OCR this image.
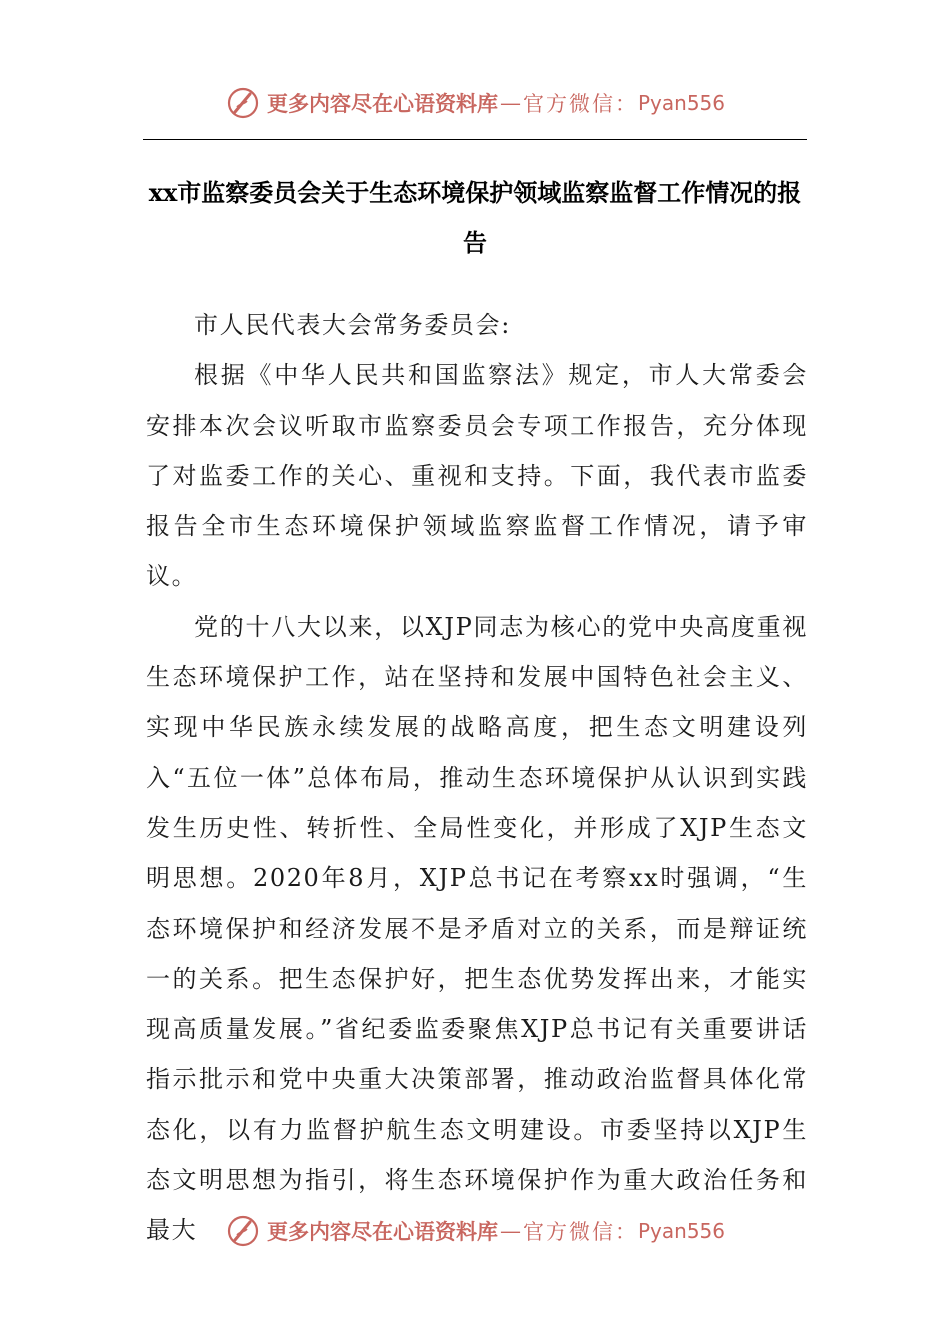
更多内容尽在心语资料库 — 官方微信： Pyan556
xx市监察委员会关于生态环境保护领域监察监督工作情况的报告

市人民代表大会常务委员会:

根据《中华人民共和国监察法》规定，市人大常委会安排本次会议听取市监察委员会专项工作报告，充分体现了对监委工作的关心、重视和支持。下面，我代表市监委报告全市生态环境保护领域监察监督工作情况，请予审议。

党的十八大以来，以XJP同志为核心的党中央高度重视生态环境保护工作，站在坚持和发展中国特色社会主义、实现中华民族永续发展的战略高度，把生态文明建设列入“五位一体”总体布局，推动生态环境保护从认识到实践发生历史性、转折性、全局性变化，并形成了XJP生态文明思想。2020年8月，XJP总书记在考察xx时强调，“生态环境保护和经济发展不是矛盾对立的关系，而是辩证统一的关系。把生态保护好，把生态优势发挥出来，才能实现高质量发展。”省纪委监委聚焦XJP总书记有关重要讲话指示批示和党中央重大决策部署，推动政治监督具体化常态化，以有力监督护航生态文明建设。市委坚持以XJP生态文明思想为指引，将生态环境保护作为重大政治任务和最大	更多内容尽在心语资料库 — 官方微信： Pyan556
